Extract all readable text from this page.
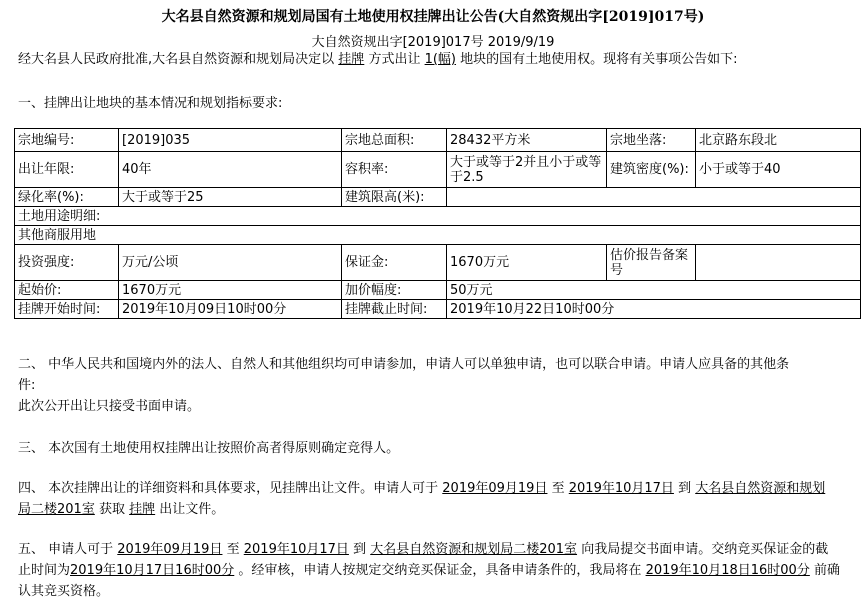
大名县自然资源和规划局国有土地使用权挂牌出让公告(大自然资规出字[2019]017号)
大自然资规出字[2019]017号 2019/9/19
经大名县人民政府批准,大名县自然资源和规划局决定以 挂牌 方式出让 1(幅) 地块的国有土地使用权。现将有关事项公告如下:
一、挂牌出让地块的基本情况和规划指标要求:
宗地编号:	[2019]035	宗地总面积:	28432平方米	宗地坐落:	北京路东段北
出让年限:	40年	容积率:	大于或等于2并且小于或等于2.5	建筑密度(%):	小于或等于40
绿化率(%):	大于或等于25	建筑限高(米):			
土地用途明细:					
其他商服用地					
投资强度:	万元/公顷	保证金:	1670万元	估价报告备案号	
起始价:	1670万元	加价幅度:	50万元		
挂牌开始时间:	2019年10月09日10时00分	挂牌截止时间:	2019年10月22日10时00分		
二、 中华人民共和国境内外的法人、自然人和其他组织均可申请参加，申请人可以单独申请，也可以联合申请。申请人应具备的其他条
件:
此次公开出让只接受书面申请。
三、 本次国有土地使用权挂牌出让按照价高者得原则确定竞得人。
四、 本次挂牌出让的详细资料和具体要求，见挂牌出让文件。申请人可于 2019年09月19日 至 2019年10月17日 到 大名县自然资源和规划
局二楼201室 获取 挂牌 出让文件。
五、 申请人可于 2019年09月19日 至 2019年10月17日 到 大名县自然资源和规划局二楼201室 向我局提交书面申请。交纳竞买保证金的截
止时间为2019年10月17日16时00分 。经审核，申请人按规定交纳竞买保证金，具备申请条件的，我局将在 2019年10月18日16时00分 前确
认其竞买资格。
